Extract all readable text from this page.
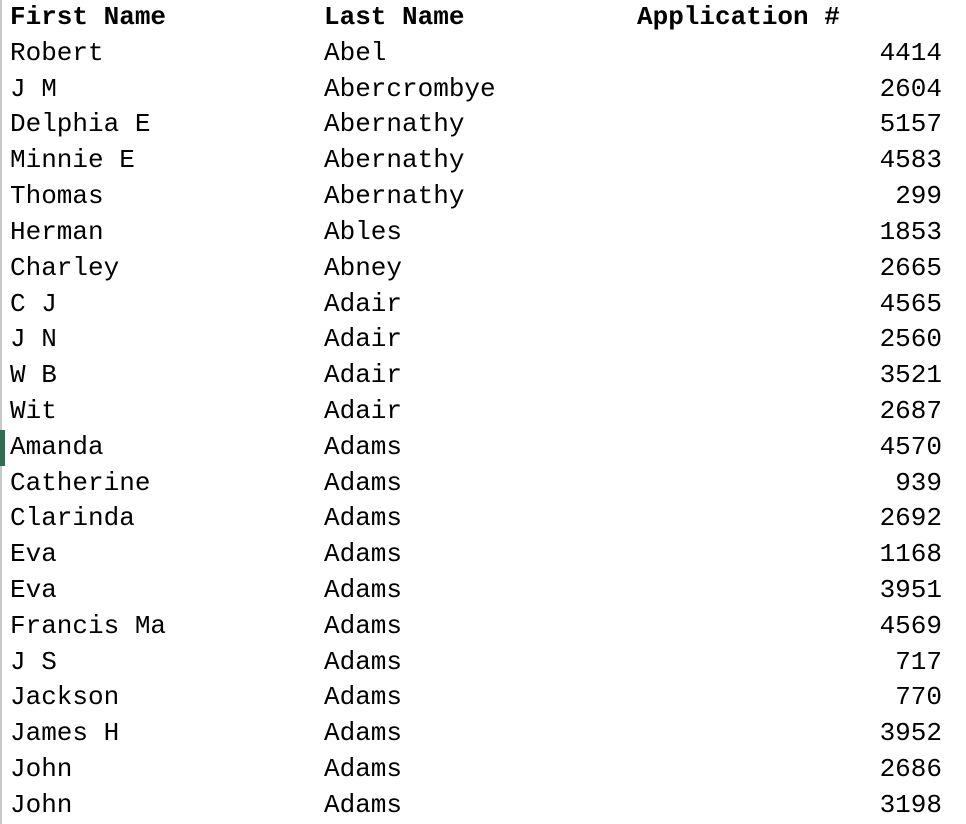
First Name	Last Name	Application #
Robert	Abel	4414
J M	Abercrombye	2604
Delphia E	Abernathy	5157
Minnie E	Abernathy	4583
Thomas	Abernathy	299
Herman	Ables	1853
Charley	Abney	2665
C J	Adair	4565
J N	Adair	2560
W B	Adair	3521
Wit	Adair	2687
Amanda	Adams	4570
Catherine	Adams	939
Clarinda	Adams	2692
Eva	Adams	1168
Eva	Adams	3951
Francis Ma	Adams	4569
J S	Adams	717
Jackson	Adams	770
James H	Adams	3952
John	Adams	2686
John	Adams	3198
